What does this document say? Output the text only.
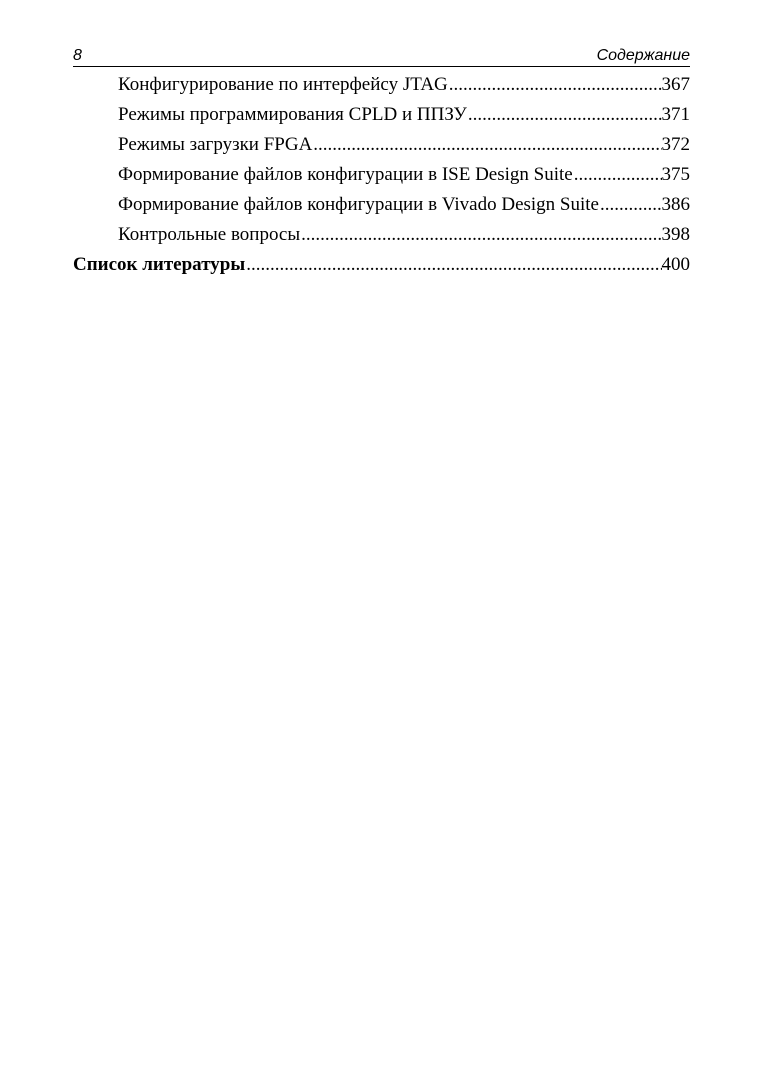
8	Содержание
Конфигурирование по интерфейсу JTAG .....	367
Режимы программирования CPLD и ППЗУ .....	371
Режимы загрузки FPGA .....	372
Формирование файлов конфигурации в ISE Design Suite .....	375
Формирование файлов конфигурации в Vivado Design Suite .....	386
Контрольные вопросы .....	398
Список литературы .....	400
